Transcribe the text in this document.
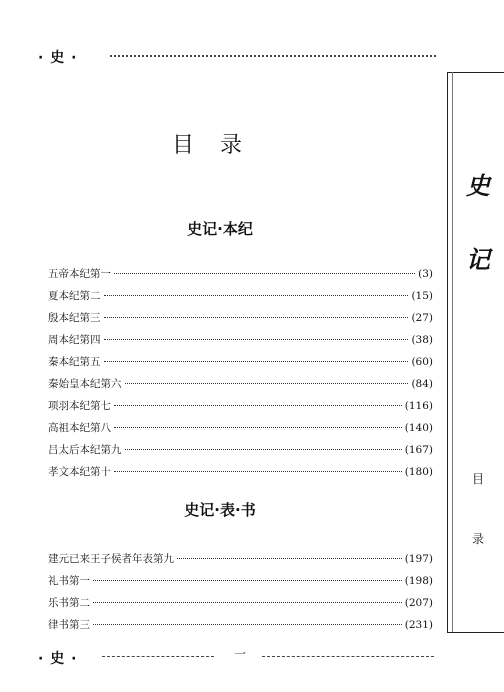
· 史 ·
目录
史记·本纪
五帝本纪第一	(3)
夏本纪第二	(15)
殷本纪第三	(27)
周本纪第四	(38)
秦本纪第五	(60)
秦始皇本纪第六	(84)
项羽本纪第七	(116)
高祖本纪第八	(140)
吕太后本纪第九	(167)
孝文本纪第十	(180)
史记·表·书
建元已来王子侯者年表第九	(197)
礼书第一	(198)
乐书第二	(207)
律书第三	(231)
· 史 ·	一
史
记
目
录
